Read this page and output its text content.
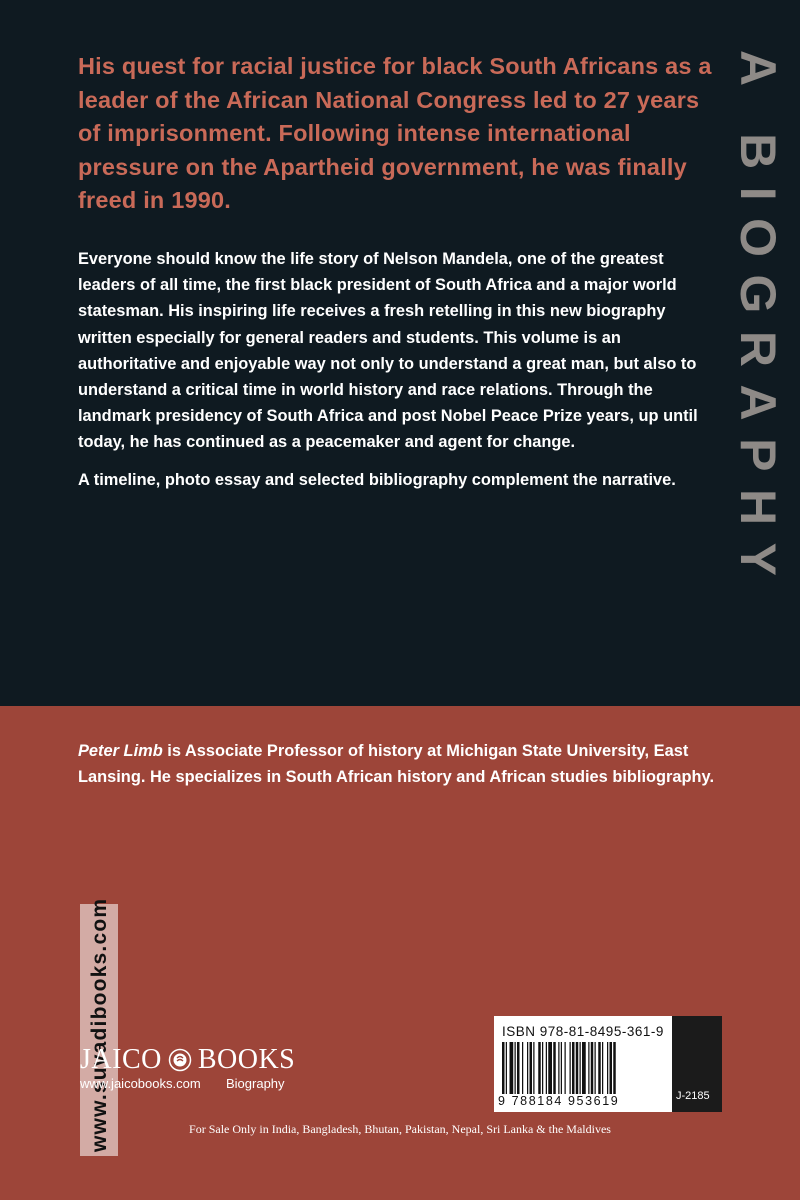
His quest for racial justice for black South Africans as a leader of the African National Congress led to 27 years of imprisonment. Following intense international pressure on the Apartheid government, he was finally freed in 1990.

Everyone should know the life story of Nelson Mandela, one of the greatest leaders of all time, the first black president of South Africa and a major world statesman. His inspiring life receives a fresh retelling in this new biography written especially for general readers and students. This volume is an authoritative and enjoyable way not only to understand a great man, but also to understand a critical time in world history and race relations. Through the landmark presidency of South Africa and post Nobel Peace Prize years, up until today, he has continued as a peacemaker and agent for change.

A timeline, photo essay and selected bibliography complement the narrative.	A BIOGRAPHY
Peter Limb is Associate Professor of history at Michigan State University, East Lansing. He specializes in South African history and African studies bibliography.
www.suvadibooks.com
JAICO BOOKS
www.jaicobooks.com Biography
ISBN 978-81-8495-361-9
9 788184 953619	J-2185
For Sale Only in India, Bangladesh, Bhutan, Pakistan, Nepal, Sri Lanka & the Maldives
